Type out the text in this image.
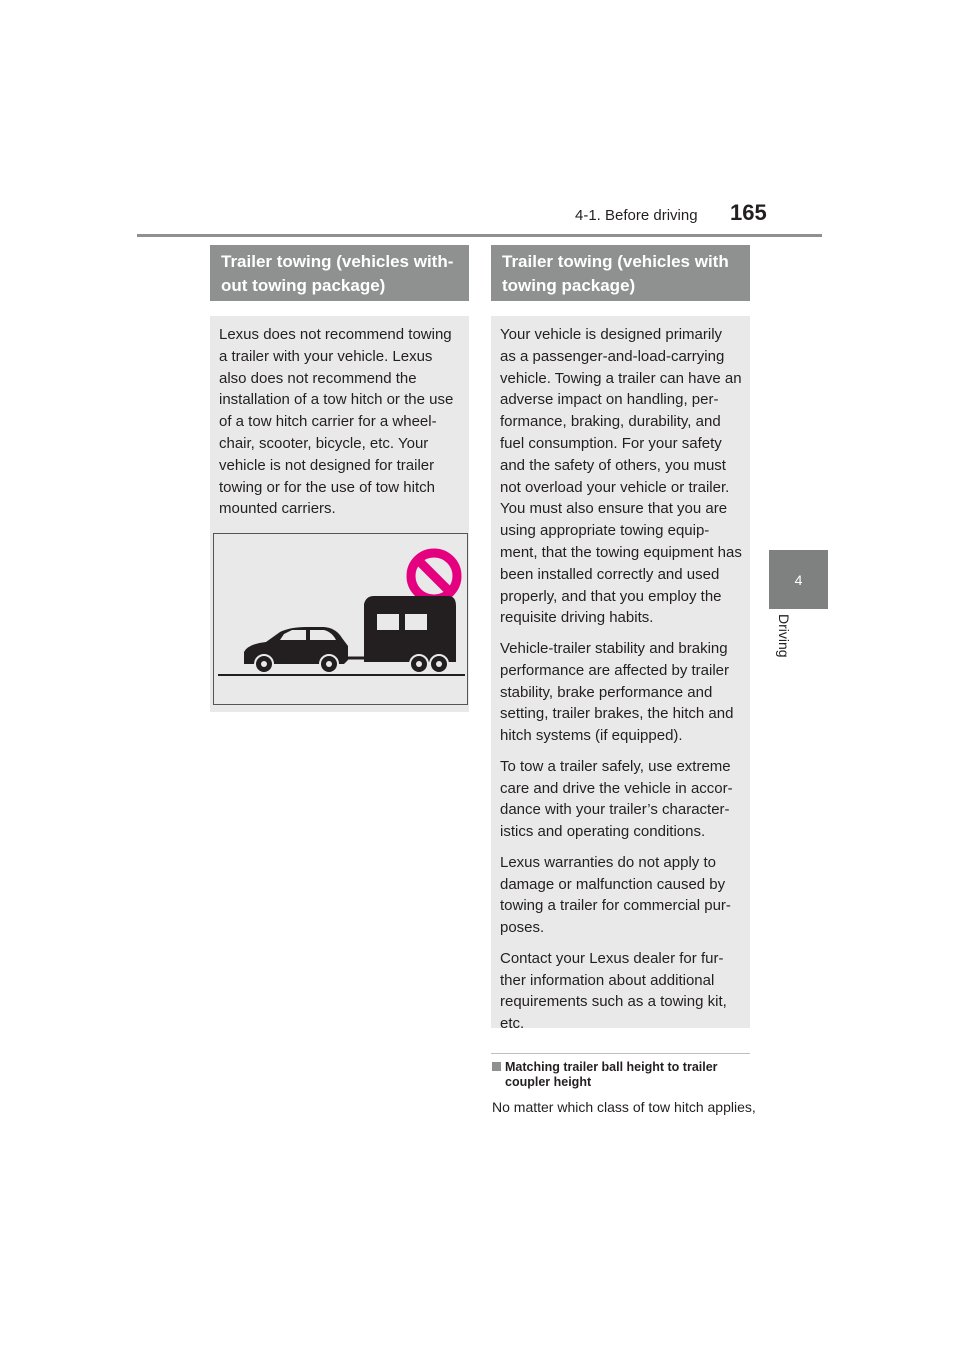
4-1. Before driving 165
4
Driving
Trailer towing (vehicles with-
out towing package)

Lexus does not recommend towing a trailer with your vehicle. Lexus also does not recommend the installation of a tow hitch or the use of a tow hitch carrier for a wheel-chair, scooter, bicycle, etc. Your vehicle is not designed for trailer towing or for the use of tow hitch mounted carriers.

Trailer towing (vehicles with
towing package)

Your vehicle is designed primarily as a passenger-and-load-carrying vehicle. Towing a trailer can have an adverse impact on handling, per-formance, braking, durability, and fuel consumption. For your safety and the safety of others, you must not overload your vehicle or trailer. You must also ensure that you are using appropriate towing equip-ment, that the towing equipment has been installed correctly and used properly, and that you employ the requisite driving habits.

Vehicle-trailer stability and braking performance are affected by trailer stability, brake performance and setting, trailer brakes, the hitch and hitch systems (if equipped).

To tow a trailer safely, use extreme care and drive the vehicle in accor-dance with your trailer’s character-istics and operating conditions.

Lexus warranties do not apply to damage or malfunction caused by towing a trailer for commercial pur-poses.

Contact your Lexus dealer for fur-ther information about additional requirements such as a towing kit, etc.

Matching trailer ball height to trailer
coupler height
No matter which class of tow hitch applies,
